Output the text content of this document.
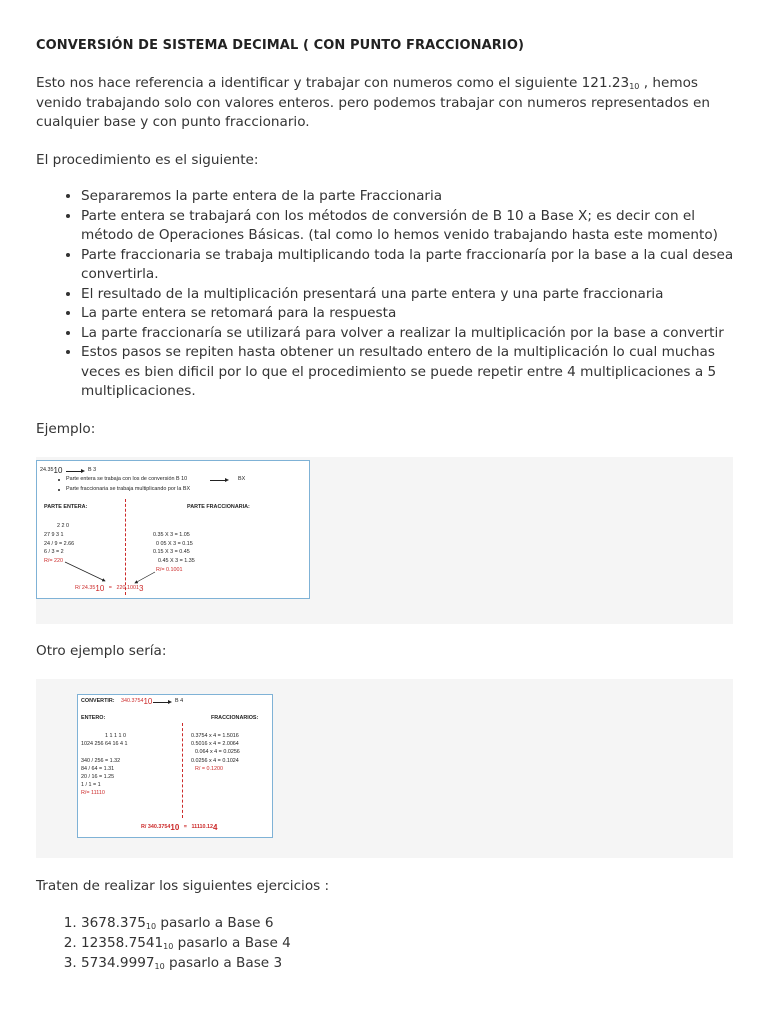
CONVERSIÓN DE SISTEMA DECIMAL ( CON PUNTO FRACCIONARIO)

Esto nos hace referencia a identificar y trabajar con numeros como el siguiente $121.23_{10}$ , hemos venido trabajando solo con valores enteros. pero podemos trabajar con numeros representados en cualquier base y con punto fraccionario.

El procedimiento es el siguiente:

• Separaremos la parte entera de la parte Fraccionaria
• Parte entera se trabajará con los métodos de conversión de B 10 a Base X; es decir con el método de Operaciones Básicas. (tal como lo hemos venido trabajando hasta este momento)
• Parte fraccionaria se trabaja multiplicando toda la parte fraccionaría por la base a la cual desea convertirla.
• El resultado de la multiplicación presentará una parte entera y una parte fraccionaria
• La parte entera se retomará para la respuesta
• La parte fraccionaría se utilizará para volver a realizar la multiplicación por la base a convertir
• Estos pasos se repiten hasta obtener un resultado entero de la multiplicación lo cual muchas veces es bien dificil por lo que el procedimiento se puede repetir entre 4 multiplicaciones a 5 multiplicaciones.

Ejemplo:

$24.35_{10}$	B 3
Parte entera se trabaja con los de conversión B 10	BX
Parte fraccionaria se trabaja multiplicando por la BX
PARTE ENTERA:	PARTE FRACCIONARIA:
2 2 0
27 9 3 1
24 / 9 = 2.66
6 / 3 = 2
R/= 220
0.35 X 3 = 1.05
0 05 X 3 = 0.15
0.15 X 3 = 0.45
0.45 X 3 = 1.35
R/= 0.1001
R/ $24.35_{10} = 220.1001_3$

Otro ejemplo sería:

CONVERTIR: $340.3754_{10}$	B 4
ENTERO:	FRACCIONARIOS:
1 1 1 1 0
1024 256 64 16 4 1
340 / 256 = 1.32
84 / 64 = 1.31
20 / 16 = 1.25
1 / 1 = 1
R/= 11110
0.3754 x 4 = 1.5016
0.5016 x 4 = 2.0064
0.064 x 4 = 0.0256
0.0256 x 4 = 0.1024
R/ = 0.1200
R/ $340.3754_{10} = 11110.12_4$

Traten de realizar los siguientes ejercicios :

1. $3678.375_{10}$ pasarlo a Base 6
2. $12358.7541_{10}$ pasarlo a Base 4
3. $5734.9997_{10}$ pasarlo a Base 3
